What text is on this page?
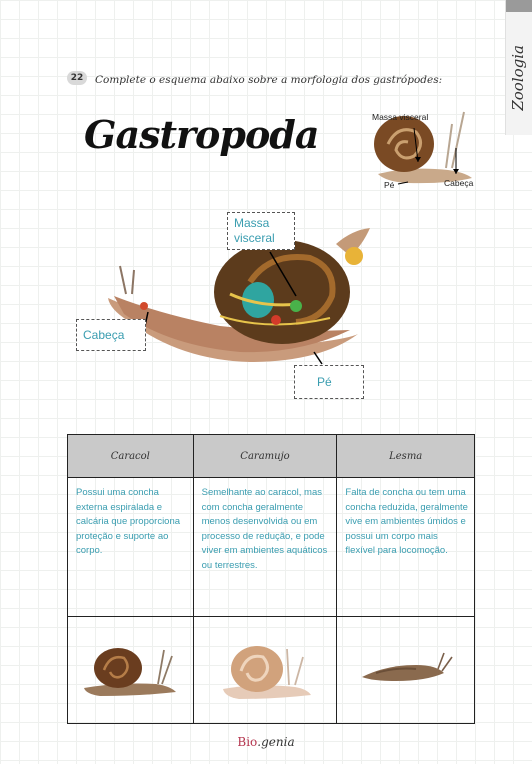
Zoologia
22	Complete o esquema abaixo sobre a morfologia dos gastrópodes:
Gastropoda	Massa visceral
Pé	Cabeça
Massa
visceral
Cabeça
Pé
Caracol	Caramujo	Lesma
Possui uma concha externa espiralada e calcária que proporciona proteção e suporte ao corpo.	Semelhante ao caracol, mas com concha geralmente menos desenvolvida ou em processo de redução, e pode viver em ambientes aquáticos ou terrestres.	Falta de concha ou tem uma concha reduzida, geralmente vive em ambientes úmidos e possui um corpo mais flexível para locomoção.

Bio.genia
